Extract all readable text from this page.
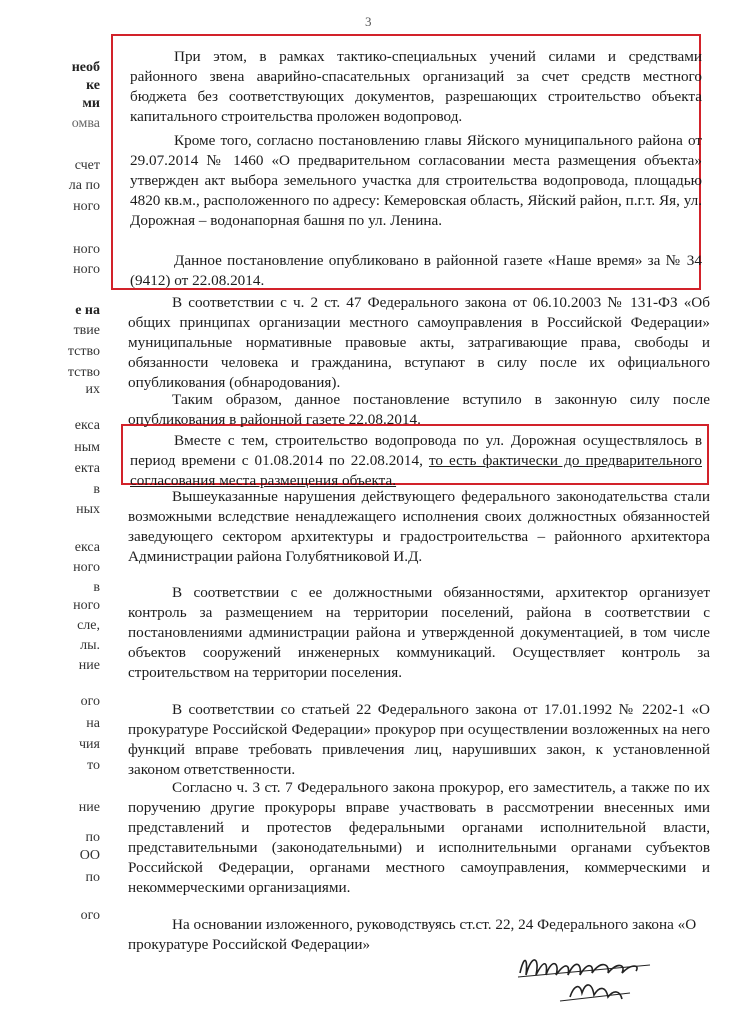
3
необ
ке
ми
омва
счет
ла по
ного
ного
ного
е на
твие
тство
тство
их
екса
ным
екта
в
ных
екса
ного
в
ного
сле,
лы.
ние
ого
на
чия
то
ние
по
ОО
по
ого

При этом, в рамках тактико-специальных учений силами и средствами районного звена аварийно-спасательных организаций за счет средств местного бюджета без соответствующих документов, разрешающих строительство объекта капитального строительства проложен водопровод.

Кроме того, согласно постановлению главы Яйского муниципального района от 29.07.2014 № 1460 «О предварительном согласовании места размещения объекта» утвержден акт выбора земельного участка для строительства водопровода, площадью 4820 кв.м., расположенного по адресу: Кемеровская область, Яйский район, п.г.т. Яя, ул. Дорожная – водонапорная башня по ул. Ленина.

Данное постановление опубликовано в районной газете «Наше время» за № 34 (9412) от 22.08.2014.

В соответствии с ч. 2 ст. 47 Федерального закона от 06.10.2003 № 131-ФЗ «Об общих принципах организации местного самоуправления в Российской Федерации» муниципальные нормативные правовые акты, затрагивающие права, свободы и обязанности человека и гражданина, вступают в силу после их официального опубликования (обнародования).

Таким образом, данное постановление вступило в законную силу после опубликования в районной газете 22.08.2014.

Вместе с тем, строительство водопровода по ул. Дорожная осуществлялось в период времени с 01.08.2014 по 22.08.2014, то есть фактически до предварительного согласования места размещения объекта.

Вышеуказанные нарушения действующего федерального законодательства стали возможными вследствие ненадлежащего исполнения своих должностных обязанностей заведующего сектором архитектуры и градостроительства – районного архитектора Администрации района Голубятниковой И.Д.

В соответствии с ее должностными обязанностями, архитектор организует контроль за размещением на территории поселений, района в соответствии с постановлениями администрации района и утвержденной документацией, в том числе объектов сооружений инженерных коммуникаций. Осуществляет контроль за строительством на территории поселения.

В соответствии со статьей 22 Федерального закона от 17.01.1992 № 2202-1 «О прокуратуре Российской Федерации» прокурор при осуществлении возложенных на него функций вправе требовать привлечения лиц, нарушивших закон, к установленной законом ответственности.

Согласно ч. 3 ст. 7 Федерального закона прокурор, его заместитель, а также по их поручению другие прокуроры вправе участвовать в рассмотрении внесенных ими представлений и протестов федеральными органами исполнительной власти, представительными (законодательными) и исполнительными органами субъектов Российской Федерации, органами местного самоуправления, коммерческими и некоммерческими организациями.

На основании изложенного, руководствуясь ст.ст. 22, 24 Федерального закона «О прокуратуре Российской Федерации»
